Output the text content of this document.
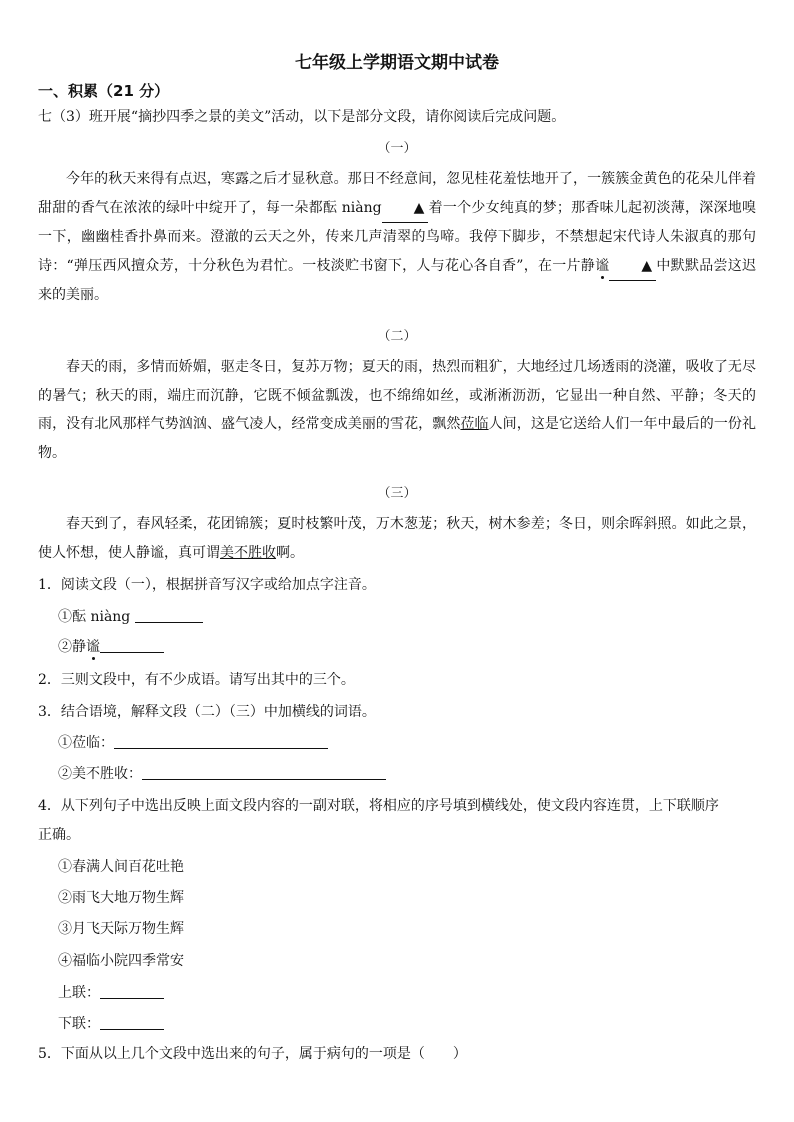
七年级上学期语文期中试卷
一、积累（21 分）
七（3）班开展“摘抄四季之景的美文”活动，以下是部分文段，请你阅读后完成问题。
（一）
今年的秋天来得有点迟，寒露之后才显秋意。那日不经意间，忽见桂花羞怯地开了，一簇簇金黄色的花朵儿伴着甜甜的香气在浓浓的绿叶中绽开了，每一朵都酝 niàng ▲ 着一个少女纯真的梦；那香味儿起初淡薄，深深地嗅一下，幽幽桂香扑鼻而来。澄澈的云天之外，传来几声清翠的鸟啼。我停下脚步，不禁想起宋代诗人朱淑真的那句诗：“弹压西风擅众芳，十分秋色为君忙。一枝淡贮书窗下，人与花心各自香”，在一片静谧 ▲ 中默默品尝这迟来的美丽。
（二）
春天的雨，多情而娇媚，驱走冬日，复苏万物；夏天的雨，热烈而粗犷，大地经过几场透雨的浇灌，吸收了无尽的暑气；秋天的雨，端庄而沉静，它既不倾盆瓢泼，也不绵绵如丝，或淅淅沥沥，它显出一种自然、平静；冬天的雨，没有北风那样气势汹汹、盛气凌人，经常变成美丽的雪花，飘然莅临人间，这是它送给人们一年中最后的一份礼物。
（三）
春天到了，春风轻柔，花团锦簇；夏时枝繁叶茂，万木葱茏；秋天，树木参差；冬日，则余晖斜照。如此之景，使人怀想，使人静谧，真可谓美不胜收啊。
1．阅读文段（一），根据拼音写汉字或给加点字注音。
①酝 niàng
②静谧
2．三则文段中，有不少成语。请写出其中的三个。
3．结合语境，解释文段（二）（三）中加横线的词语。
①莅临：
②美不胜收：
4．从下列句子中选出反映上面文段内容的一副对联，将相应的序号填到横线处，使文段内容连贯，上下联顺序
正确。
①春满人间百花吐艳
②雨飞大地万物生辉
③月飞天际万物生辉
④福临小院四季常安
上联：
下联：
5．下面从以上几个文段中选出来的句子，属于病句的一项是（　　）
